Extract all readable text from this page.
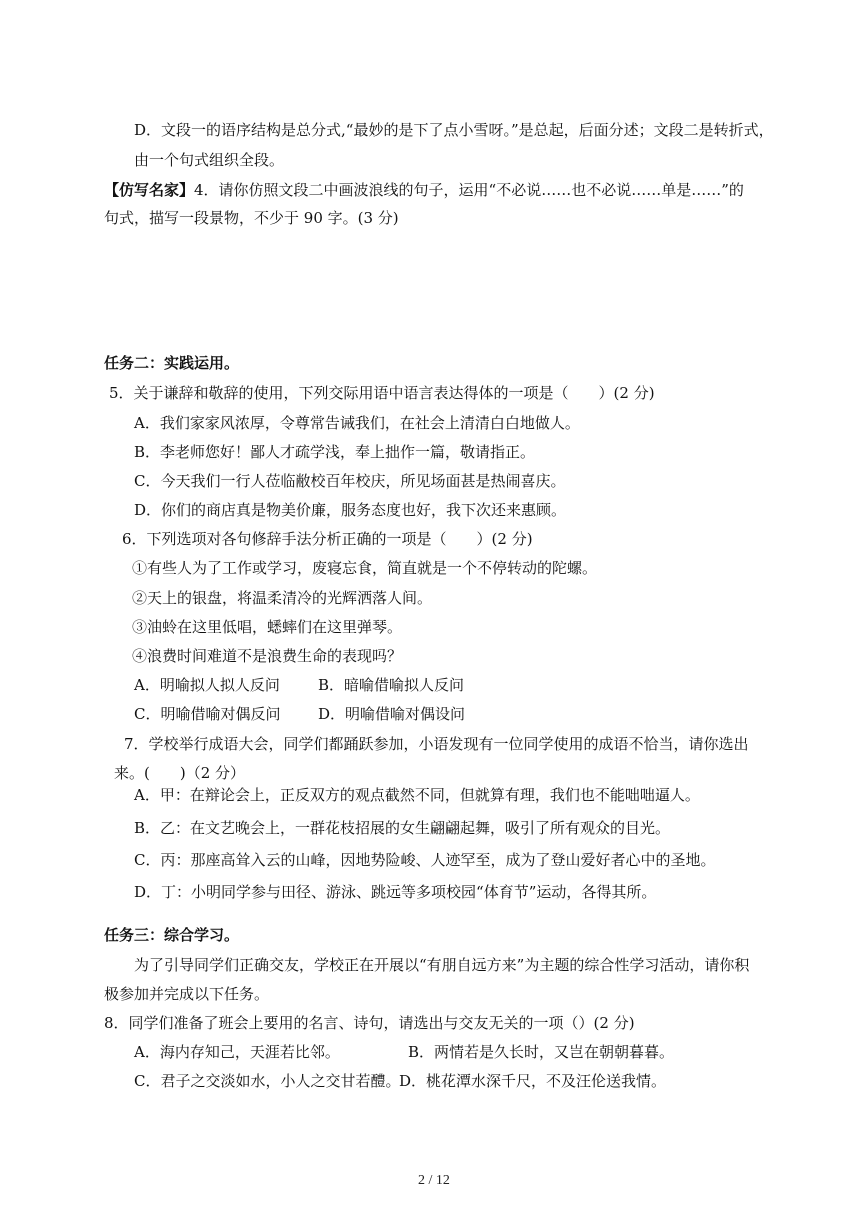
D．文段一的语序结构是总分式,“最妙的是下了点小雪呀。”是总起，后面分述；文段二是转折式，
由一个句式组织全段。
【仿写名家】4．请你仿照文段二中画波浪线的句子，运用“不必说……也不必说……单是……”的
句式，描写一段景物，不少于 90 字。(3 分)
任务二：实践运用。
5．关于谦辞和敬辞的使用，下列交际用语中语言表达得体的一项是（　　）(2 分)
A．我们家家风浓厚，令尊常告诫我们，在社会上清清白白地做人。
B．李老师您好！鄙人才疏学浅，奉上拙作一篇，敬请指正。
C．今天我们一行人莅临敝校百年校庆，所见场面甚是热闹喜庆。
D．你们的商店真是物美价廉，服务态度也好，我下次还来惠顾。
6．下列选项对各句修辞手法分析正确的一项是（　　）(2 分)
①有些人为了工作或学习，废寝忘食，简直就是一个不停转动的陀螺。
②天上的银盘，将温柔清冷的光辉洒落人间。
③油蛉在这里低唱，蟋蟀们在这里弹琴。
④浪费时间难道不是浪费生命的表现吗？
A．明喻拟人拟人反问	B．暗喻借喻拟人反问
C．明喻借喻对偶反问	D．明喻借喻对偶设问
7．学校举行成语大会，同学们都踊跃参加，小语发现有一位同学使用的成语不恰当，请你选出
来。(　　)（2 分）
A．甲：在辩论会上，正反双方的观点截然不同，但就算有理，我们也不能咄咄逼人。
B．乙：在文艺晚会上，一群花枝招展的女生翩翩起舞，吸引了所有观众的目光。
C．丙：那座高耸入云的山峰，因地势险峻、人迹罕至，成为了登山爱好者心中的圣地。
D．丁：小明同学参与田径、游泳、跳远等多项校园“体育节”运动，各得其所。
任务三：综合学习。
为了引导同学们正确交友，学校正在开展以“有朋自远方来”为主题的综合性学习活动，请你积
极参加并完成以下任务。
8．同学们准备了班会上要用的名言、诗句，请选出与交友无关的一项（）(2 分)
A．海内存知己，天涯若比邻。	B．两情若是久长时，又岂在朝朝暮暮。
C．君子之交淡如水，小人之交甘若醴。
D．桃花潭水深千尺，不及汪伦送我情。
2 / 12
